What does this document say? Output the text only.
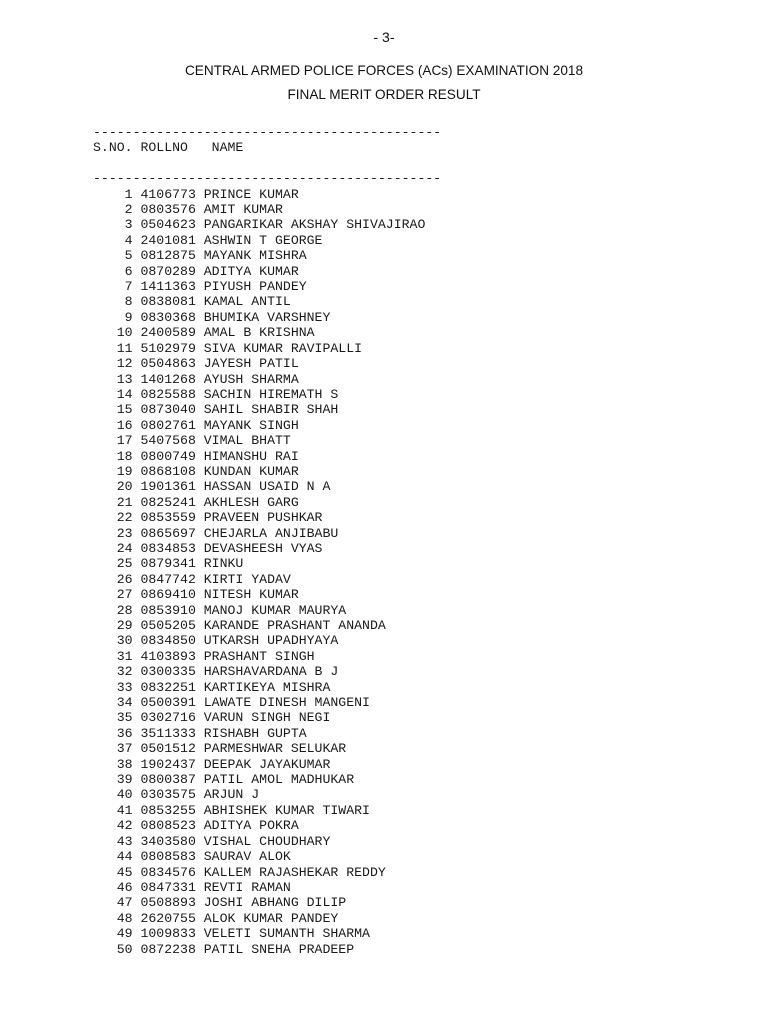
- 3-
CENTRAL ARMED POLICE FORCES (ACs) EXAMINATION 2018
FINAL MERIT ORDER RESULT
--------------------------------------------
S.NO. ROLLNO NAME
--------------------------------------------
1 4106773 PRINCE KUMAR
2 0803576 AMIT KUMAR
3 0504623 PANGARIKAR AKSHAY SHIVAJIRAO
4 2401081 ASHWIN T GEORGE
5 0812875 MAYANK MISHRA
6 0870289 ADITYA KUMAR
7 1411363 PIYUSH PANDEY
8 0838081 KAMAL ANTIL
9 0830368 BHUMIKA VARSHNEY
10 2400589 AMAL B KRISHNA
11 5102979 SIVA KUMAR RAVIPALLI
12 0504863 JAYESH PATIL
13 1401268 AYUSH SHARMA
14 0825588 SACHIN HIREMATH S
15 0873040 SAHIL SHABIR SHAH
16 0802761 MAYANK SINGH
17 5407568 VIMAL BHATT
18 0800749 HIMANSHU RAI
19 0868108 KUNDAN KUMAR
20 1901361 HASSAN USAID N A
21 0825241 AKHLESH GARG
22 0853559 PRAVEEN PUSHKAR
23 0865697 CHEJARLA ANJIBABU
24 0834853 DEVASHEESH VYAS
25 0879341 RINKU
26 0847742 KIRTI YADAV
27 0869410 NITESH KUMAR
28 0853910 MANOJ KUMAR MAURYA
29 0505205 KARANDE PRASHANT ANANDA
30 0834850 UTKARSH UPADHYAYA
31 4103893 PRASHANT SINGH
32 0300335 HARSHAVARDANA B J
33 0832251 KARTIKEYA MISHRA
34 0500391 LAWATE DINESH MANGENI
35 0302716 VARUN SINGH NEGI
36 3511333 RISHABH GUPTA
37 0501512 PARMESHWAR SELUKAR
38 1902437 DEEPAK JAYAKUMAR
39 0800387 PATIL AMOL MADHUKAR
40 0303575 ARJUN J
41 0853255 ABHISHEK KUMAR TIWARI
42 0808523 ADITYA POKRA
43 3403580 VISHAL CHOUDHARY
44 0808583 SAURAV ALOK
45 0834576 KALLEM RAJASHEKAR REDDY
46 0847331 REVTI RAMAN
47 0508893 JOSHI ABHANG DILIP
48 2620755 ALOK KUMAR PANDEY
49 1009833 VELETI SUMANTH SHARMA
50 0872238 PATIL SNEHA PRADEEP
